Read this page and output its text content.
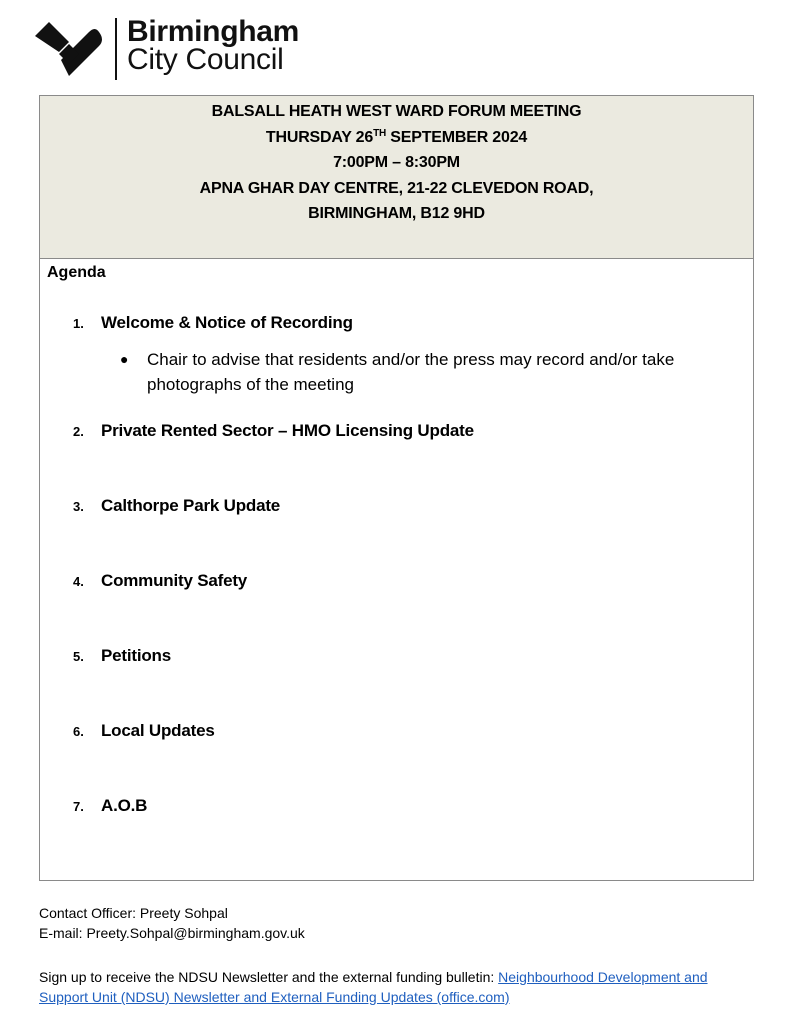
Birmingham
City Council
BALSALL HEATH WEST WARD FORUM MEETING
THURSDAY 26TH SEPTEMBER 2024
7:00PM – 8:30PM
APNA GHAR DAY CENTRE, 21-22 CLEVEDON ROAD,
BIRMINGHAM, B12 9HD
Agenda
1.	Welcome & Notice of Recording
●	Chair to advise that residents and/or the press may record and/or take photographs of the meeting
2.	Private Rented Sector – HMO Licensing Update
3.	Calthorpe Park Update
4.	Community Safety
5.	Petitions
6.	Local Updates
7.	A.O.B
Contact Officer: Preety Sohpal
E-mail: Preety.Sohpal@birmingham.gov.uk
Sign up to receive the NDSU Newsletter and the external funding bulletin: Neighbourhood Development and Support Unit (NDSU) Newsletter and External Funding Updates (office.com)
